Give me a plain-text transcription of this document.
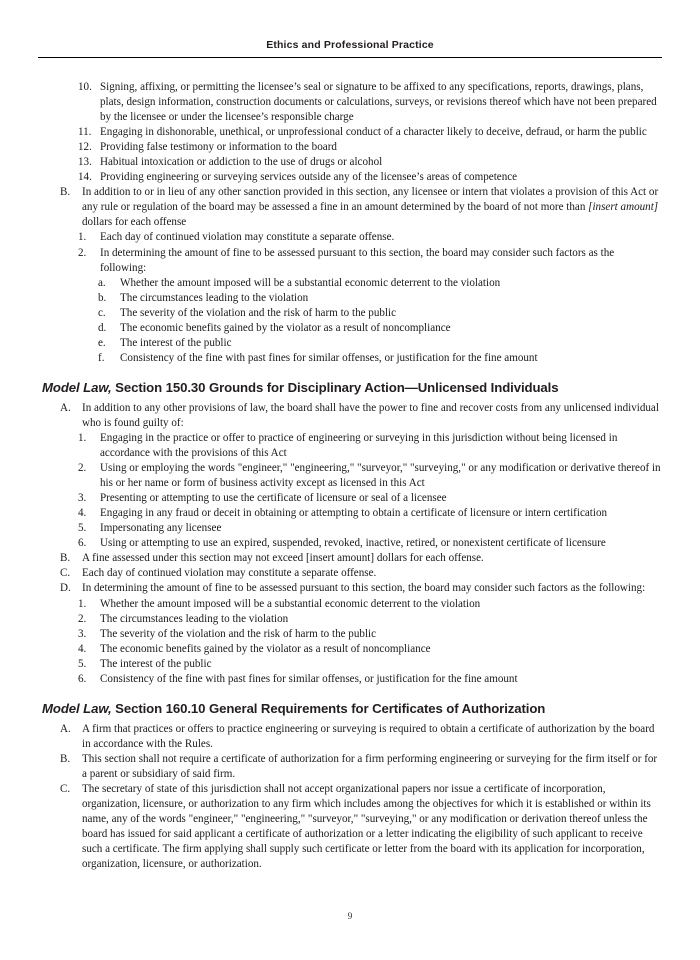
Ethics and Professional Practice
10. Signing, affixing, or permitting the licensee’s seal or signature to be affixed to any specifications, reports, drawings, plans, plats, design information, construction documents or calculations, surveys, or revisions thereof which have not been prepared by the licensee or under the licensee’s responsible charge
11. Engaging in dishonorable, unethical, or unprofessional conduct of a character likely to deceive, defraud, or harm the public
12. Providing false testimony or information to the board
13. Habitual intoxication or addiction to the use of drugs or alcohol
14. Providing engineering or surveying services outside any of the licensee’s areas of competence
B.	In addition to or in lieu of any other sanction provided in this section, any licensee or intern that violates a provision of this Act or any rule or regulation of the board may be assessed a fine in an amount determined by the board of not more than [insert amount] dollars for each offense
1.	Each day of continued violation may constitute a separate offense.
2.	In determining the amount of fine to be assessed pursuant to this section, the board may consider such factors as the following:
a.	Whether the amount imposed will be a substantial economic deterrent to the violation
b.	The circumstances leading to the violation
c.	The severity of the violation and the risk of harm to the public
d.	The economic benefits gained by the violator as a result of noncompliance
e.	The interest of the public
f.	Consistency of the fine with past fines for similar offenses, or justification for the fine amount
Model Law, Section 150.30 Grounds for Disciplinary Action—Unlicensed Individuals
A.	In addition to any other provisions of law, the board shall have the power to fine and recover costs from any unlicensed individual who is found guilty of:
1.	Engaging in the practice or offer to practice of engineering or surveying in this jurisdiction without being licensed in accordance with the provisions of this Act
2.	Using or employing the words "engineer," "engineering," "surveyor," "surveying," or any modification or derivative thereof in his or her name or form of business activity except as licensed in this Act
3.	Presenting or attempting to use the certificate of licensure or seal of a licensee
4.	Engaging in any fraud or deceit in obtaining or attempting to obtain a certificate of licensure or intern certification
5.	Impersonating any licensee
6.	Using or attempting to use an expired, suspended, revoked, inactive, retired, or nonexistent certificate of licensure
B.	A fine assessed under this section may not exceed [insert amount] dollars for each offense.
C.	Each day of continued violation may constitute a separate offense.
D.	In determining the amount of fine to be assessed pursuant to this section, the board may consider such factors as the following:
1.	Whether the amount imposed will be a substantial economic deterrent to the violation
2.	The circumstances leading to the violation
3.	The severity of the violation and the risk of harm to the public
4.	The economic benefits gained by the violator as a result of noncompliance
5.	The interest of the public
6.	Consistency of the fine with past fines for similar offenses, or justification for the fine amount
Model Law, Section 160.10 General Requirements for Certificates of Authorization
A.	A firm that practices or offers to practice engineering or surveying is required to obtain a certificate of authorization by the board in accordance with the Rules.
B.	This section shall not require a certificate of authorization for a firm performing engineering or surveying for the firm itself or for a parent or subsidiary of said firm.
C.	The secretary of state of this jurisdiction shall not accept organizational papers nor issue a certificate of incorporation, organization, licensure, or authorization to any firm which includes among the objectives for which it is established or within its name, any of the words "engineer," "engineering," "surveyor," "surveying," or any modification or derivation thereof unless the board has issued for said applicant a certificate of authorization or a letter indicating the eligibility of such applicant to receive such a certificate. The firm applying shall supply such certificate or letter from the board with its application for incorporation, organization, licensure, or authorization.
9
